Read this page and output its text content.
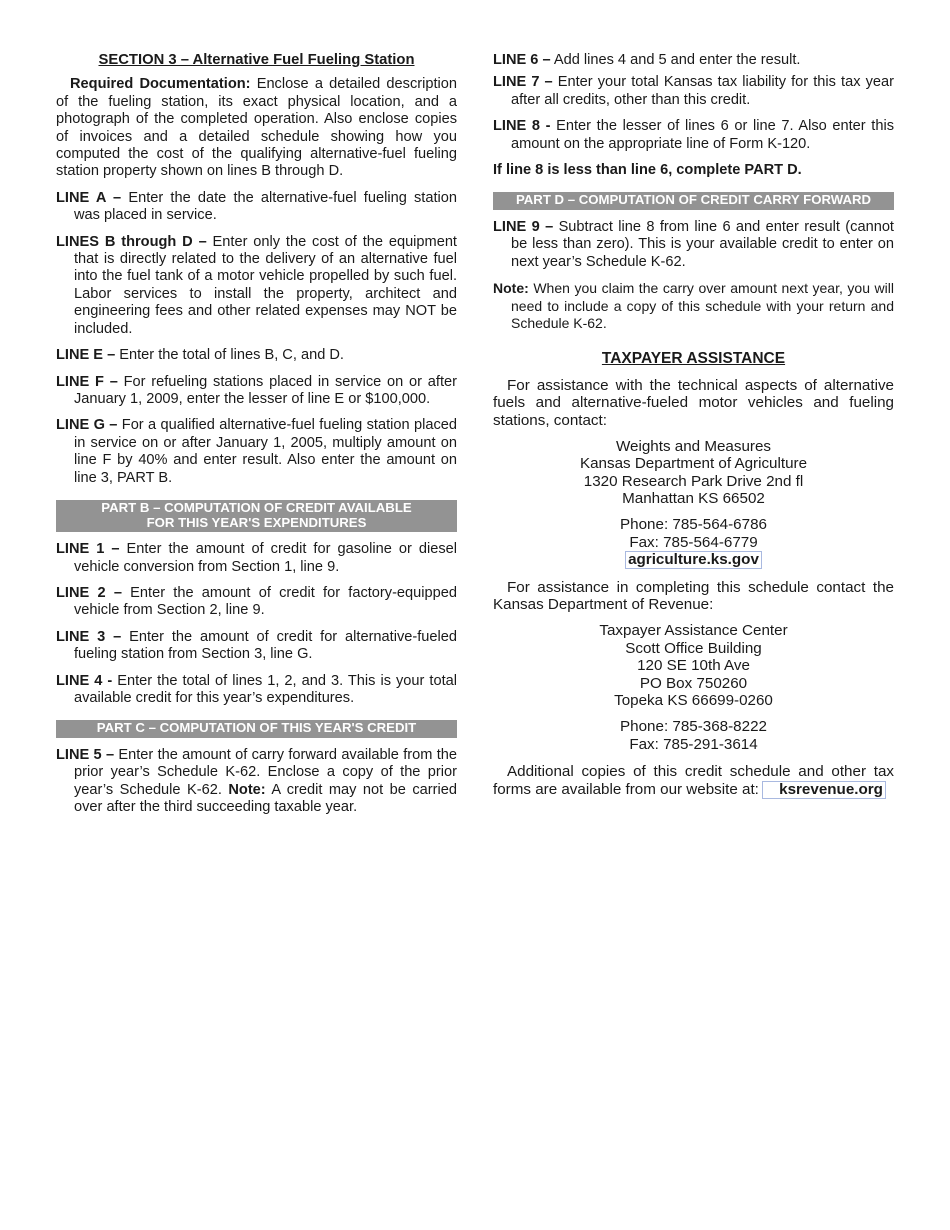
SECTION 3 – Alternative Fuel Fueling Station

Required Documentation: Enclose a detailed description of the fueling station, its exact physical location, and a photograph of the completed operation. Also enclose copies of invoices and a detailed schedule showing how you computed the cost of the qualifying alternative-fuel fueling station property shown on lines B through D.

LINE A – Enter the date the alternative-fuel fueling station was placed in service.

LINES B through D – Enter only the cost of the equipment that is directly related to the delivery of an alternative fuel into the fuel tank of a motor vehicle propelled by such fuel. Labor services to install the property, architect and engineering fees and other related expenses may NOT be included.

LINE E – Enter the total of lines B, C, and D.

LINE F – For refueling stations placed in service on or after January 1, 2009, enter the lesser of line E or $100,000.

LINE G – For a qualified alternative-fuel fueling station placed in service on or after January 1, 2005, multiply amount on line F by 40% and enter result. Also enter the amount on line 3, PART B.

PART B – COMPUTATION OF CREDIT AVAILABLE
FOR THIS YEAR'S EXPENDITURES

LINE 1 – Enter the amount of credit for gasoline or diesel vehicle conversion from Section 1, line 9.

LINE 2 – Enter the amount of credit for factory-equipped vehicle from Section 2, line 9.

LINE 3 – Enter the amount of credit for alternative-fueled fueling station from Section 3, line G.

LINE 4 - Enter the total of lines 1, 2, and 3. This is your total available credit for this year’s expenditures.

PART C – COMPUTATION OF THIS YEAR'S CREDIT

LINE 5 – Enter the amount of carry forward available from the prior year’s Schedule K-62. Enclose a copy of the prior year’s Schedule K-62. Note: A credit may not be carried over after the third succeeding taxable year.

LINE 6 – Add lines 4 and 5 and enter the result.

LINE 7 – Enter your total Kansas tax liability for this tax year after all credits, other than this credit.

LINE 8 - Enter the lesser of lines 6 or line 7. Also enter this amount on the appropriate line of Form K-120.

If line 8 is less than line 6, complete PART D.

PART D – COMPUTATION OF CREDIT CARRY FORWARD

LINE 9 – Subtract line 8 from line 6 and enter result (cannot be less than zero). This is your available credit to enter on next year’s Schedule K-62.

Note: When you claim the carry over amount next year, you will need to include a copy of this schedule with your return and Schedule K-62.

TAXPAYER ASSISTANCE

For assistance with the technical aspects of alternative fuels and alternative-fueled motor vehicles and fueling stations, contact:

Weights and Measures
Kansas Department of Agriculture
1320 Research Park Drive 2nd fl
Manhattan KS 66502
Phone: 785-564-6786
Fax: 785-564-6779
agriculture.ks.gov

For assistance in completing this schedule contact the Kansas Department of Revenue:

Taxpayer Assistance Center
Scott Office Building
120 SE 10th Ave
PO Box 750260
Topeka KS 66699-0260
Phone: 785-368-8222
Fax: 785-291-3614

Additional copies of this credit schedule and other tax forms are available from our website at: ksrevenue.org
